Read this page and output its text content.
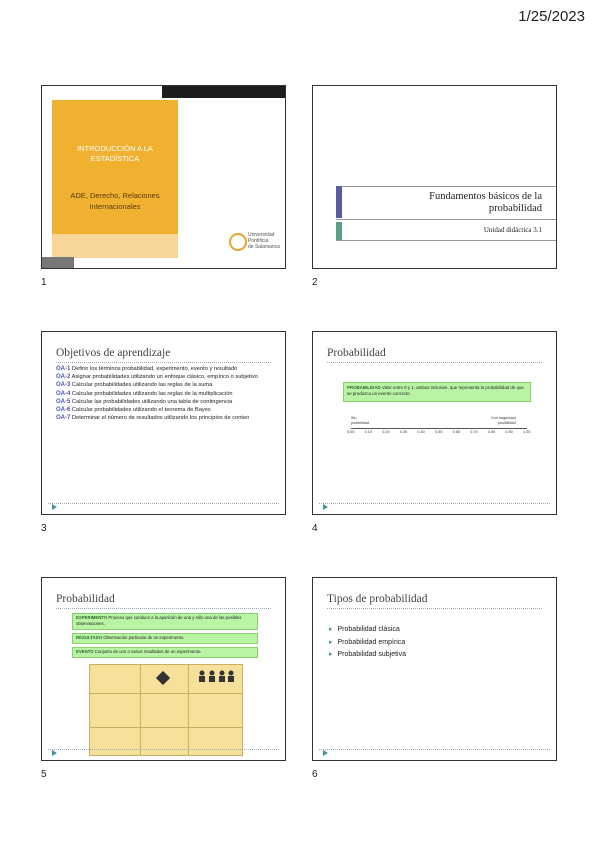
1/25/2023
INTRODUCCIÓN A LA
ESTADÍSTICA
ADE, Derecho, Relaciones
Internacionales
Universidad
Pontificia
de Salamanca
1
Fundamentos básicos de la
probabilidad
Unidad didáctica 3.1
2
Objetivos de aprendizaje

OA-1 Definir los términos probabilidad, experimento, evento y resultado

OA-2 Asignar probabilidades utilizando un enfoque clásico, empírico o subjetivo

OA-3 Calcular probabilidades utilizando las reglas de la suma

OA-4 Calcular probabilidades utilizando las reglas de la multiplicación

OA-5 Calcular las probabilidades utilizando una tabla de contingencia

OA-6 Calcular probabilidades utilizando el teorema de Bayes

OA-7 Determinar el número de resultados utilizando los principios de conteo

3
Probabilidad
PROBABILIDAD Valor entre 0 y 1, ambos inclusive, que representa la probabilidad de que se produzca un evento concreto.
Sin
posibilidad
Con seguridad
posibilidad
0.00	0.10	0.20	0.30	0.40	0.50	0.60	0.70	0.80	0.90	1.00
4
Probabilidad
EXPERIMENTO Proceso que conduce a la aparición de una y sólo una de las posibles observaciones.
RESULTADO Observación particular de un experimento.
EVENTO Conjunto de uno o varios resultados de un experimento.
5
Tipos de probabilidad
▸ Probabilidad clásica
▸ Probabilidad empírica
▸ Probabilidad subjetiva
6
